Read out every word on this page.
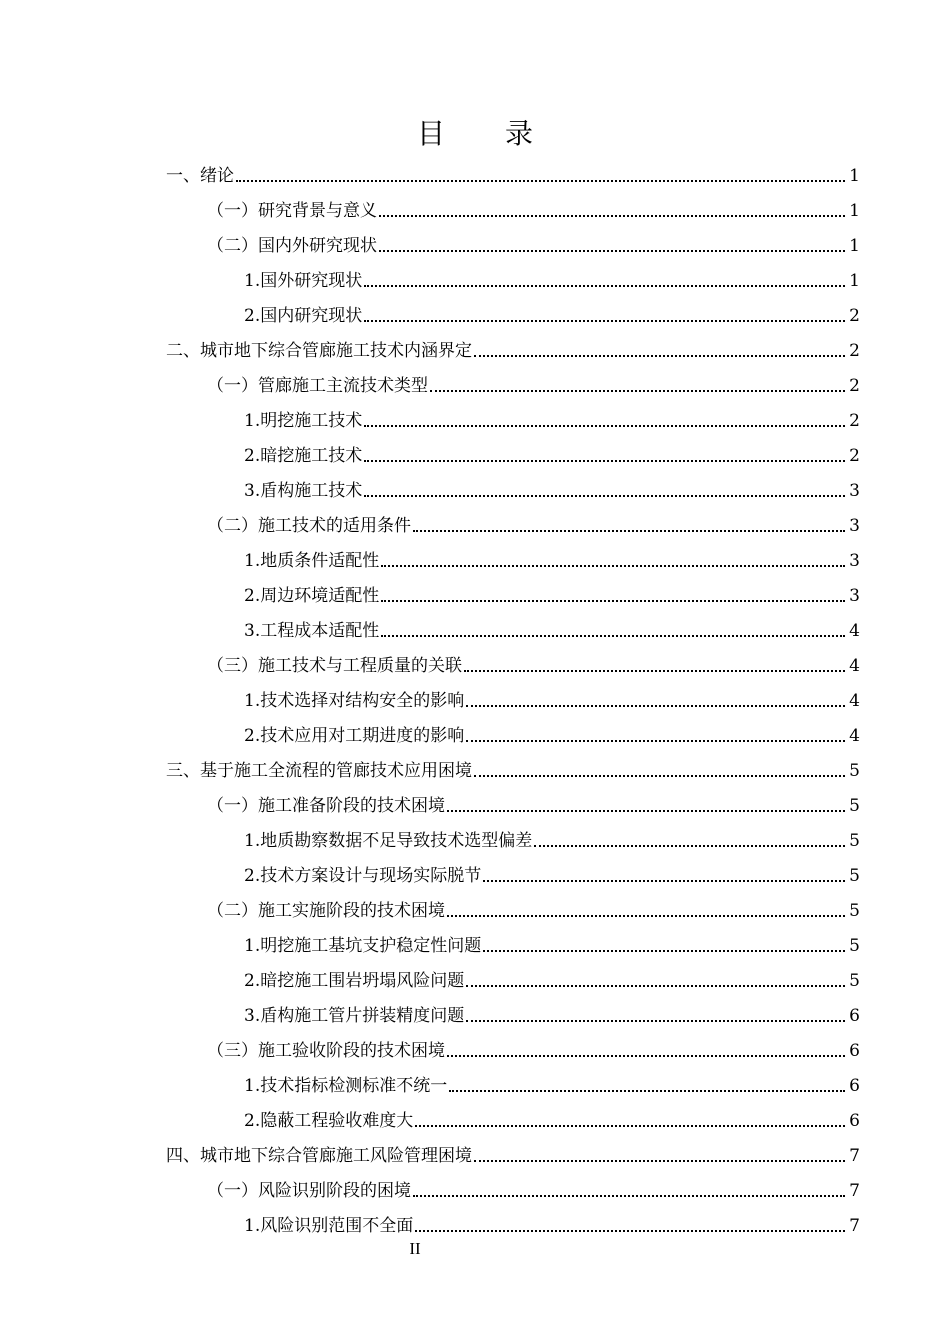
目录
一、绪论	1
（一）研究背景与意义	1
（二）国内外研究现状	1
1.国外研究现状	1
2.国内研究现状	2
二、城市地下综合管廊施工技术内涵界定	2
（一）管廊施工主流技术类型	2
1.明挖施工技术	2
2.暗挖施工技术	2
3.盾构施工技术	3
（二）施工技术的适用条件	3
1.地质条件适配性	3
2.周边环境适配性	3
3.工程成本适配性	4
（三）施工技术与工程质量的关联	4
1.技术选择对结构安全的影响	4
2.技术应用对工期进度的影响	4
三、基于施工全流程的管廊技术应用困境	5
（一）施工准备阶段的技术困境	5
1.地质勘察数据不足导致技术选型偏差	5
2.技术方案设计与现场实际脱节	5
（二）施工实施阶段的技术困境	5
1.明挖施工基坑支护稳定性问题	5
2.暗挖施工围岩坍塌风险问题	5
3.盾构施工管片拼装精度问题	6
（三）施工验收阶段的技术困境	6
1.技术指标检测标准不统一	6
2.隐蔽工程验收难度大	6
四、城市地下综合管廊施工风险管理困境	7
（一）风险识别阶段的困境	7
1.风险识别范围不全面	7
II
